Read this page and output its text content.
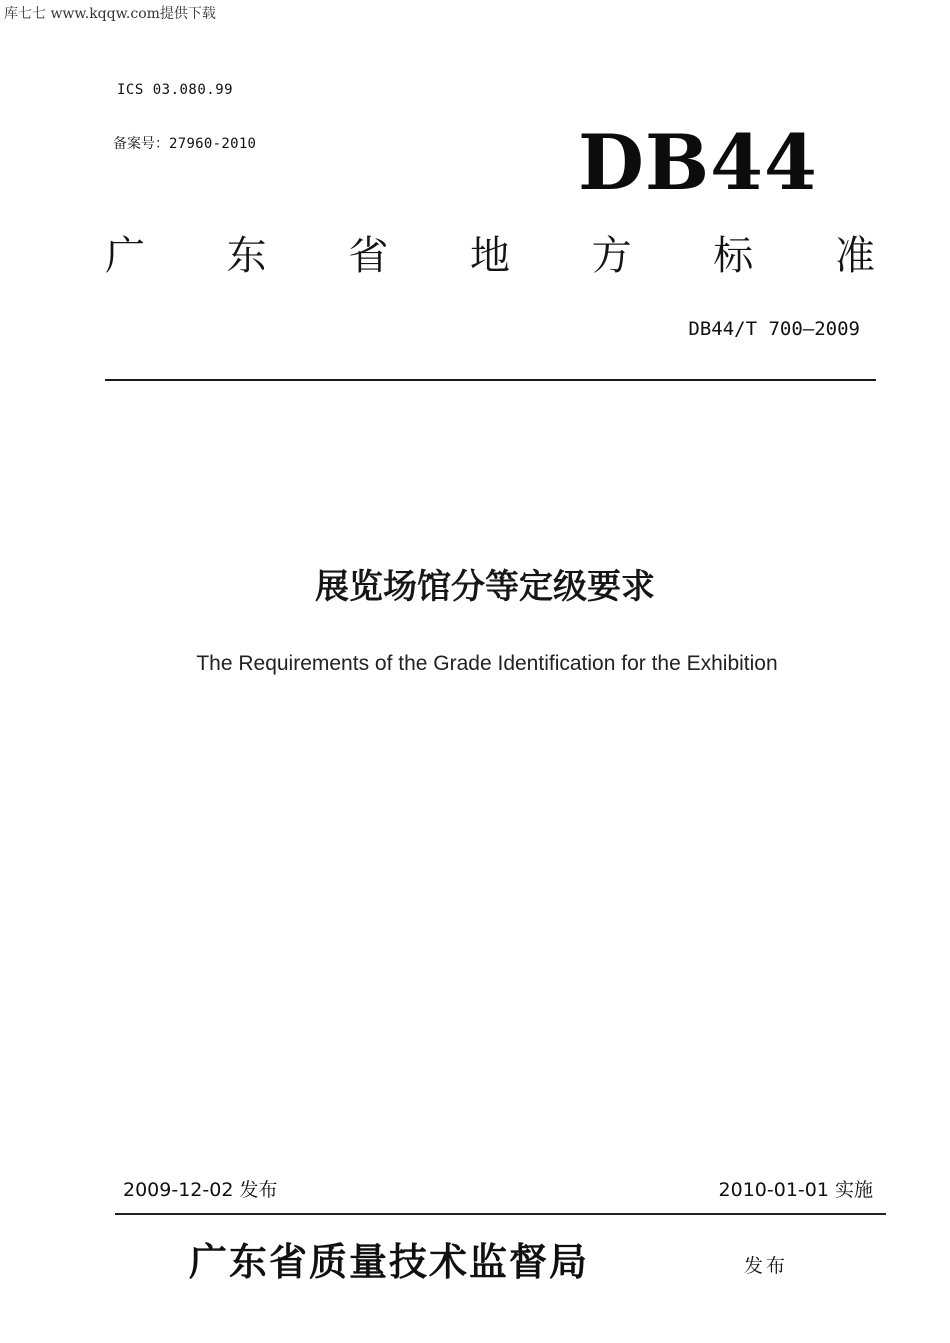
库七七 www.kqqw.com提供下载
ICS 03.080.99
备案号：27960-2010	DB44
广 东 省 地 方 标 准
DB44/T 700—2009
展览场馆分等定级要求
The Requirements of the Grade Identification for the Exhibition
2009-12-02 发布	2010-01-01 实施
广东省质量技术监督局	发布
